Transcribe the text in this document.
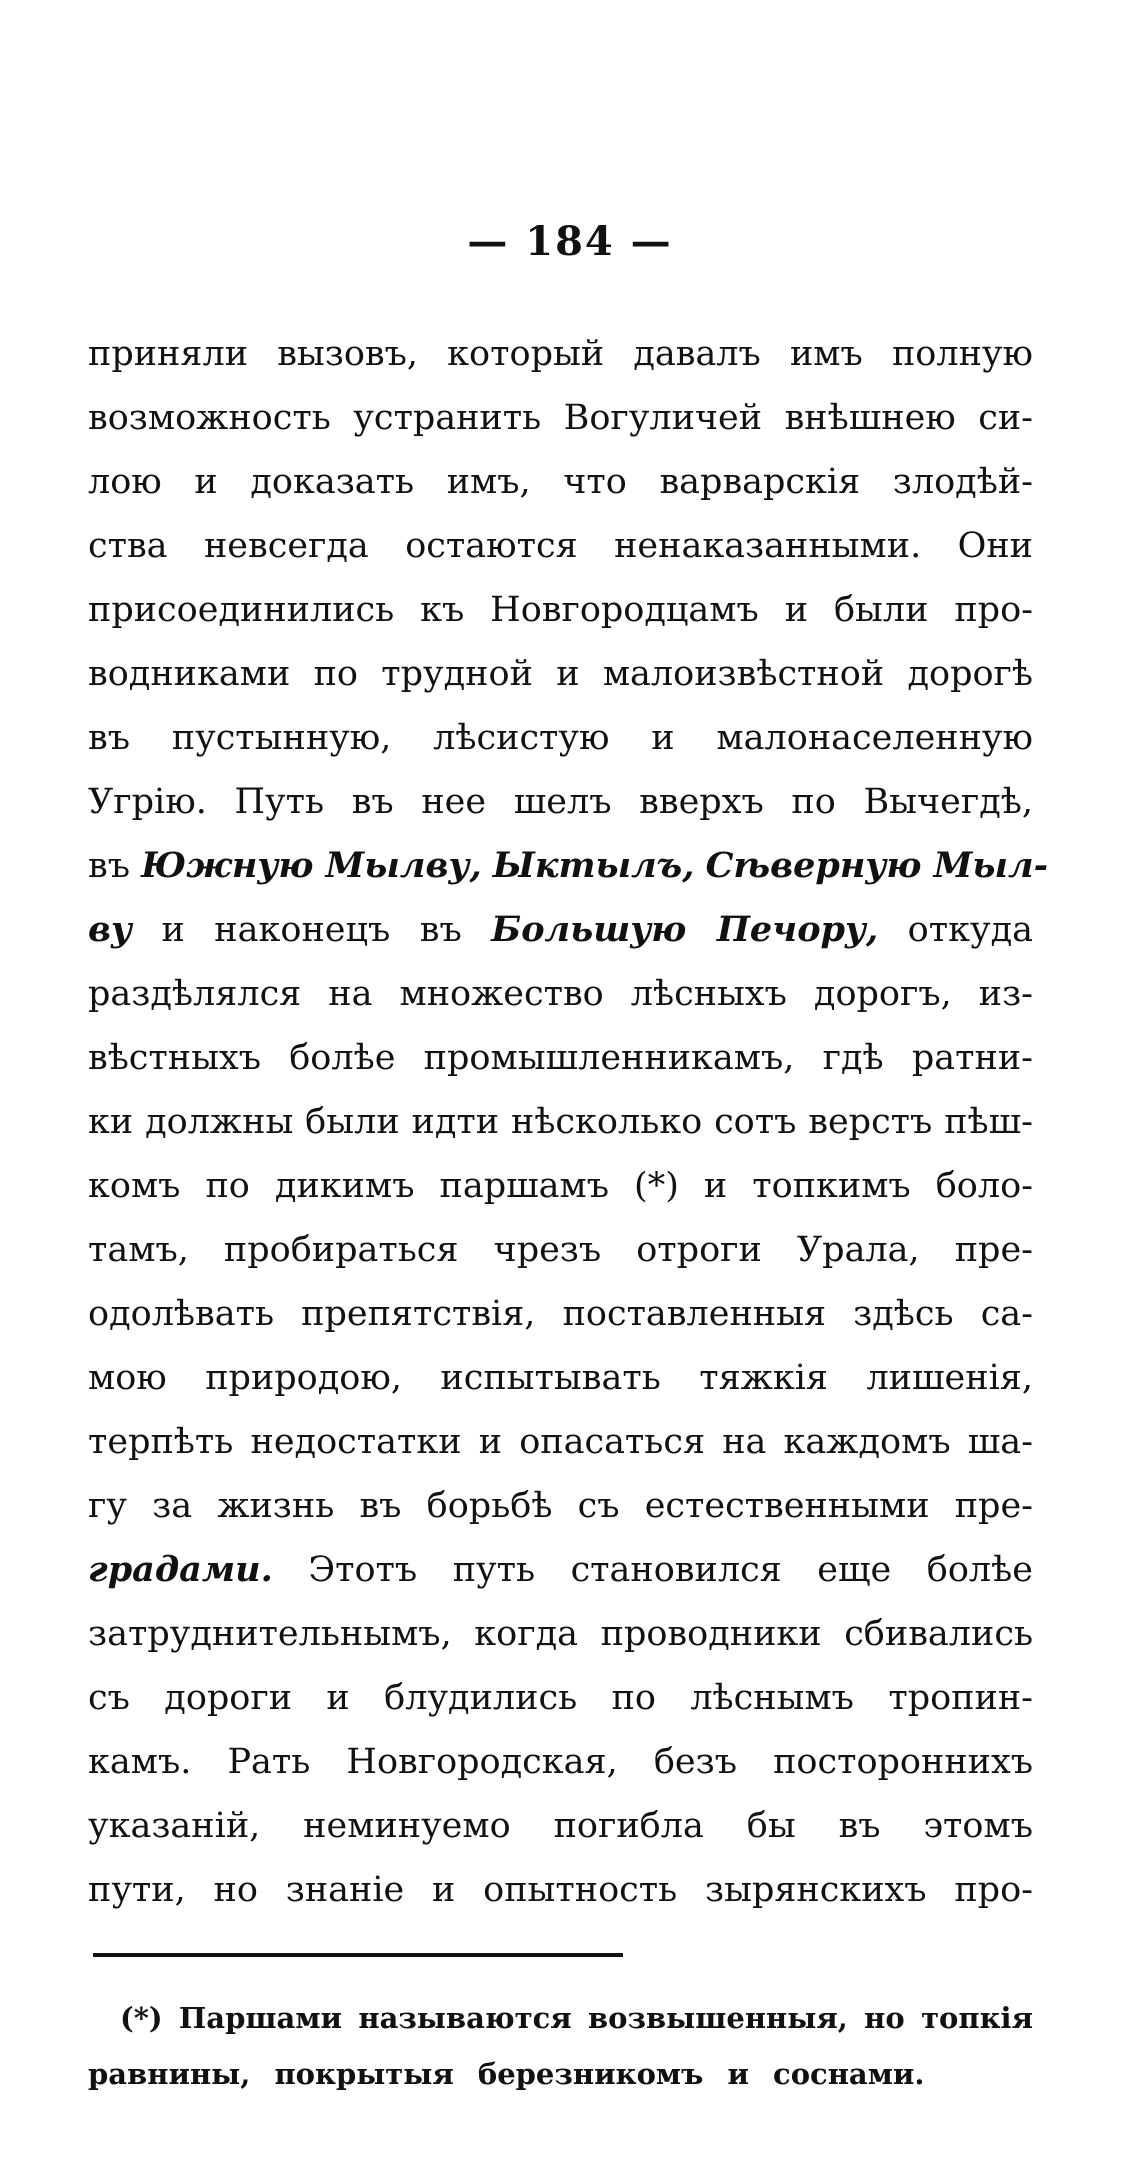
— 184 —
приняли вызовъ, который давалъ имъ полную
возможность устранить Вогуличей внѣшнею си-
лою и доказать имъ, что варварскія злодѣй-
ства невсегда остаются ненаказанными. Они
присоединились къ Новгородцамъ и были про-
водниками по трудной и малоизвѣстной дорогѣ
въ пустынную, лѣсистую и малонаселенную
Угрію. Путь въ нее шелъ вверхъ по Вычегдѣ,
въ Южную Мылву, Ыктылъ, Сѣверную Мыл-
ву и наконецъ въ Большую Печору, откуда
раздѣлялся на множество лѣсныхъ дорогъ, из-
вѣстныхъ болѣе промышленникамъ, гдѣ ратни-
ки должны были идти нѣсколько сотъ верстъ пѣш-
комъ по дикимъ паршамъ (*) и топкимъ боло-
тамъ, пробираться чрезъ отроги Урала, пре-
одолѣвать препятствія, поставленныя здѣсь са-
мою природою, испытывать тяжкія лишенія,
терпѣть недостатки и опасаться на каждомъ ша-
гу за жизнь въ борьбѣ съ естественными пре-
градами. Этотъ путь становился еще болѣе
затруднительнымъ, когда проводники сбивались
съ дороги и блудились по лѣснымъ тропин-
камъ. Рать Новгородская, безъ постороннихъ
указаній, неминуемо погибла бы въ этомъ
пути, но знаніе и опытность зырянскихъ про-
(*) Паршами называются возвышенныя, но топкія
равнины, покрытыя березникомъ и соснами.
